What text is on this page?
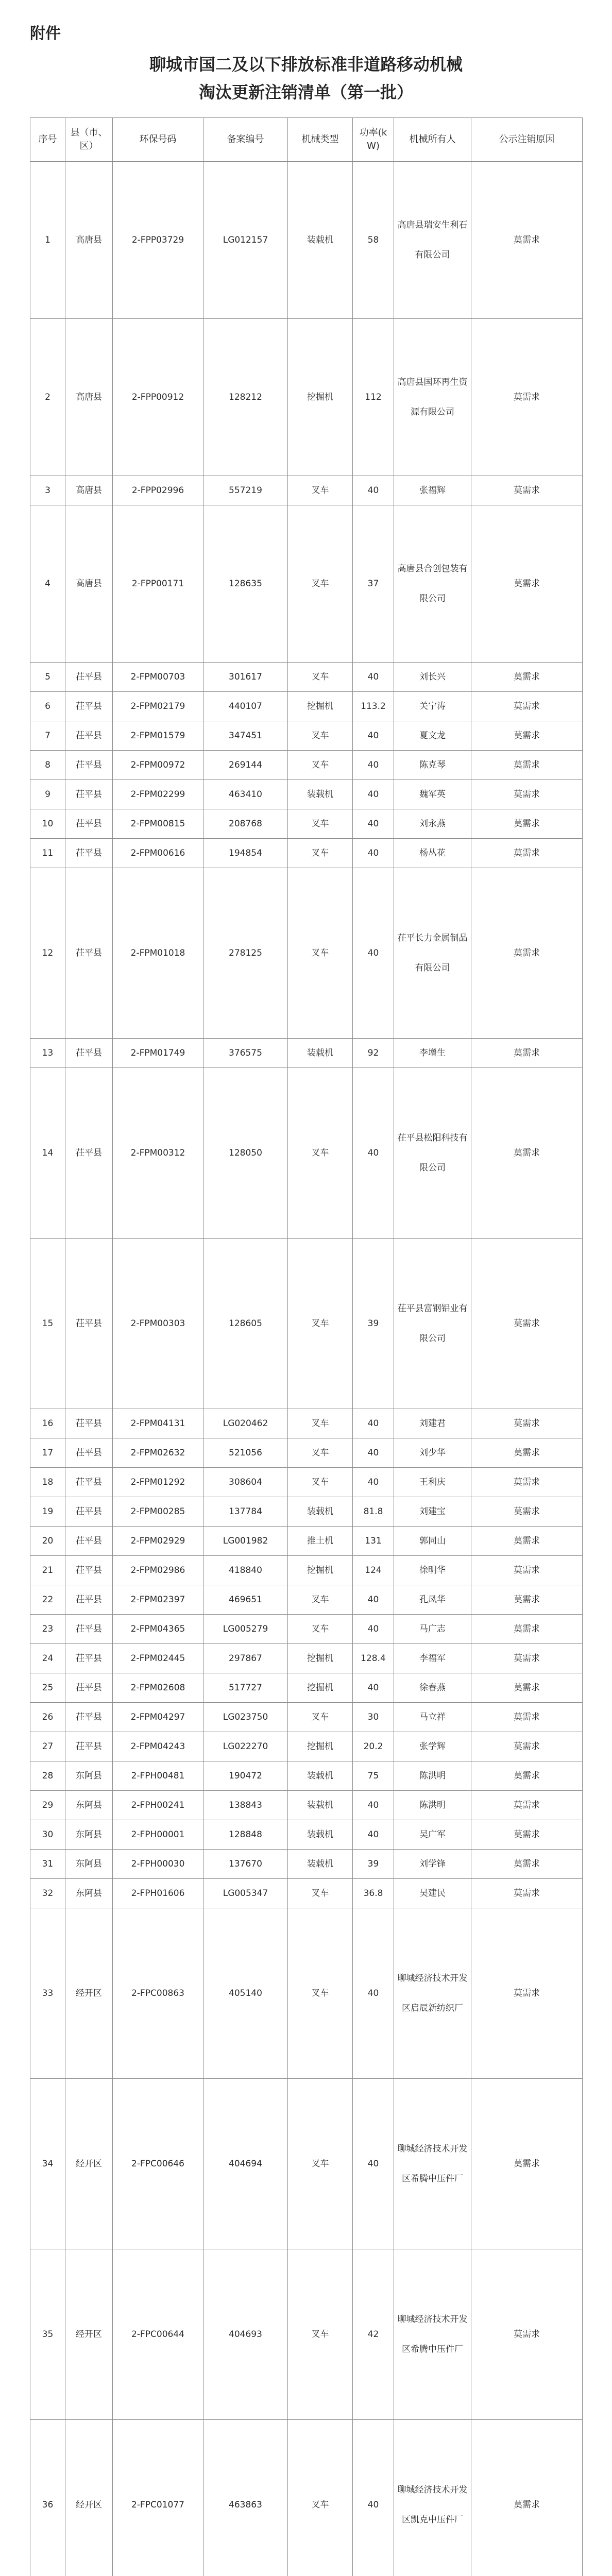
附件
聊城市国二及以下排放标准非道路移动机械
淘汰更新注销清单（第一批）
序号	县（市、区）	环保号码	备案编号	机械类型	功率(kW)	机械所有人	公示注销原因
1	高唐县	2-FPP03729	LG012157	装载机	58	高唐县瑞安生利石有限公司	莫需求
2	高唐县	2-FPP00912	128212	挖掘机	112	高唐县国环再生资源有限公司	莫需求
3	高唐县	2-FPP02996	557219	叉车	40	张福辉	莫需求
4	高唐县	2-FPP00171	128635	叉车	37	高唐县合创包装有限公司	莫需求
5	茌平县	2-FPM00703	301617	叉车	40	刘长兴	莫需求
6	茌平县	2-FPM02179	440107	挖掘机	113.2	关宁涛	莫需求
7	茌平县	2-FPM01579	347451	叉车	40	夏文龙	莫需求
8	茌平县	2-FPM00972	269144	叉车	40	陈克琴	莫需求
9	茌平县	2-FPM02299	463410	装载机	40	魏军英	莫需求
10	茌平县	2-FPM00815	208768	叉车	40	刘永燕	莫需求
11	茌平县	2-FPM00616	194854	叉车	40	杨丛花	莫需求
12	茌平县	2-FPM01018	278125	叉车	40	茌平长力金属制品有限公司	莫需求
13	茌平县	2-FPM01749	376575	装载机	92	李增生	莫需求
14	茌平县	2-FPM00312	128050	叉车	40	茌平县松阳科技有限公司	莫需求
15	茌平县	2-FPM00303	128605	叉车	39	茌平县富钢铝业有限公司	莫需求
16	茌平县	2-FPM04131	LG020462	叉车	40	刘建君	莫需求
17	茌平县	2-FPM02632	521056	叉车	40	刘少华	莫需求
18	茌平县	2-FPM01292	308604	叉车	40	王利庆	莫需求
19	茌平县	2-FPM00285	137784	装载机	81.8	刘建宝	莫需求
20	茌平县	2-FPM02929	LG001982	推土机	131	郭同山	莫需求
21	茌平县	2-FPM02986	418840	挖掘机	124	徐明华	莫需求
22	茌平县	2-FPM02397	469651	叉车	40	孔凤华	莫需求
23	茌平县	2-FPM04365	LG005279	叉车	40	马广志	莫需求
24	茌平县	2-FPM02445	297867	挖掘机	128.4	李福军	莫需求
25	茌平县	2-FPM02608	517727	挖掘机	40	徐春燕	莫需求
26	茌平县	2-FPM04297	LG023750	叉车	30	马立祥	莫需求
27	茌平县	2-FPM04243	LG022270	挖掘机	20.2	张学辉	莫需求
28	东阿县	2-FPH00481	190472	装载机	75	陈洪明	莫需求
29	东阿县	2-FPH00241	138843	装载机	40	陈洪明	莫需求
30	东阿县	2-FPH00001	128848	装载机	40	吴广军	莫需求
31	东阿县	2-FPH00030	137670	装载机	39	刘学锋	莫需求
32	东阿县	2-FPH01606	LG005347	叉车	36.8	吴建民	莫需求
33	经开区	2-FPC00863	405140	叉车	40	聊城经济技术开发区启辰新纺织厂	莫需求
34	经开区	2-FPC00646	404694	叉车	40	聊城经济技术开发区希腾中压件厂	莫需求
35	经开区	2-FPC00644	404693	叉车	42	聊城经济技术开发区希腾中压件厂	莫需求
36	经开区	2-FPC01077	463863	叉车	40	聊城经济技术开发区凯克中压件厂	莫需求
